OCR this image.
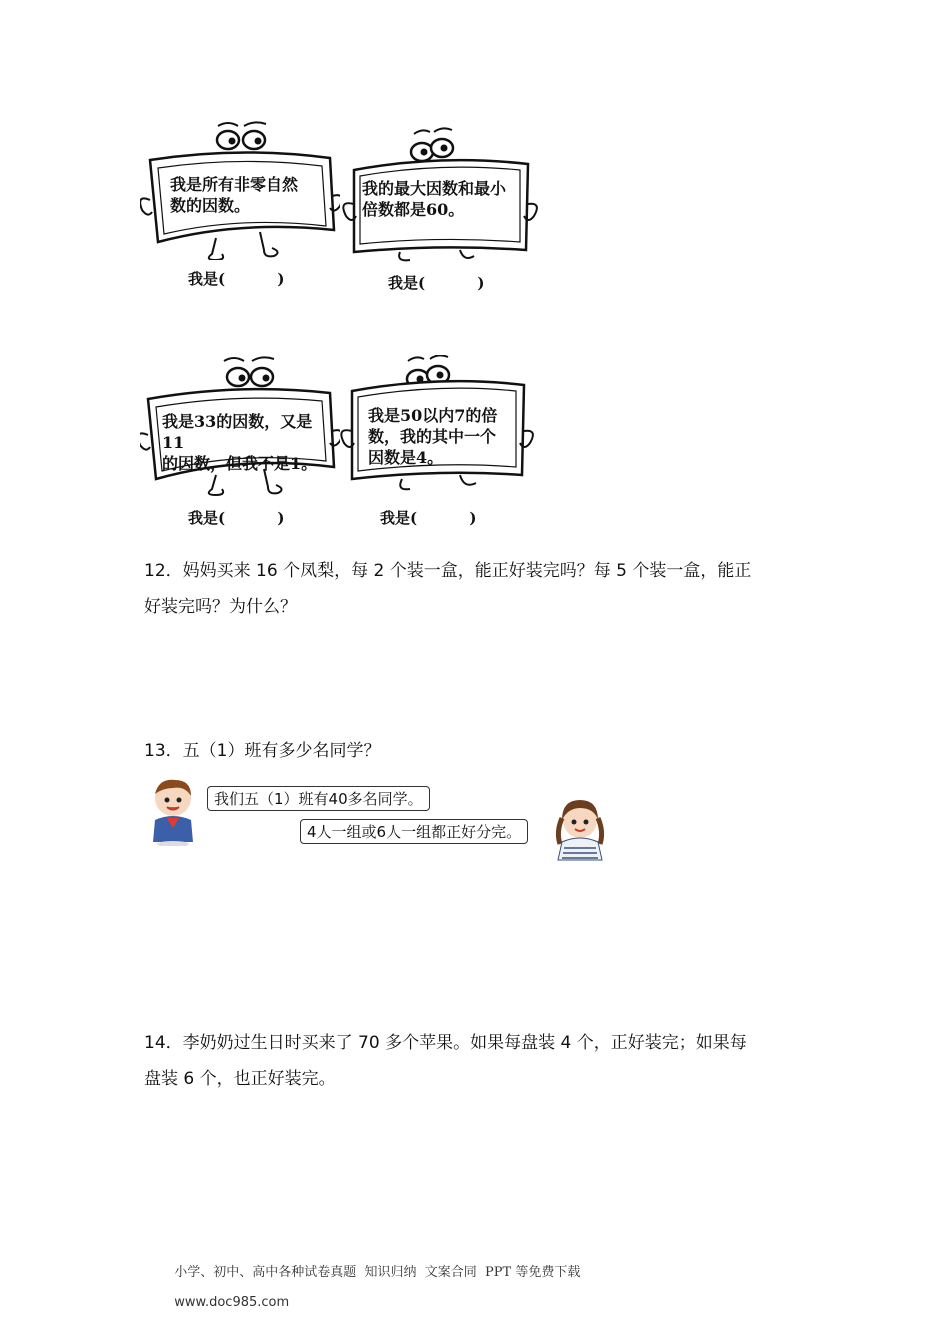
我是所有非零自然
数的因数。
我是(          )
我的最大因数和最小
倍数都是60。
我是(          )
我是33的因数，又是11
的因数，但我不是1。
我是(          )
我是50以内7的倍
数，我的其中一个
因数是4。
我是(          )
12．妈妈买来 16 个凤梨，每 2 个装一盒，能正好装完吗？每 5 个装一盒，能正
好装完吗？为什么？
13．五（1）班有多少名同学？
我们五（1）班有40多名同学。
4人一组或6人一组都正好分完。
14．李奶奶过生日时买来了 70 多个苹果。如果每盘装 4 个，正好装完；如果每
盘装 6 个，也正好装完。

小学、初中、高中各种试卷真题  知识归纳  文案合同  PPT 等免费下载

www.doc985.com
